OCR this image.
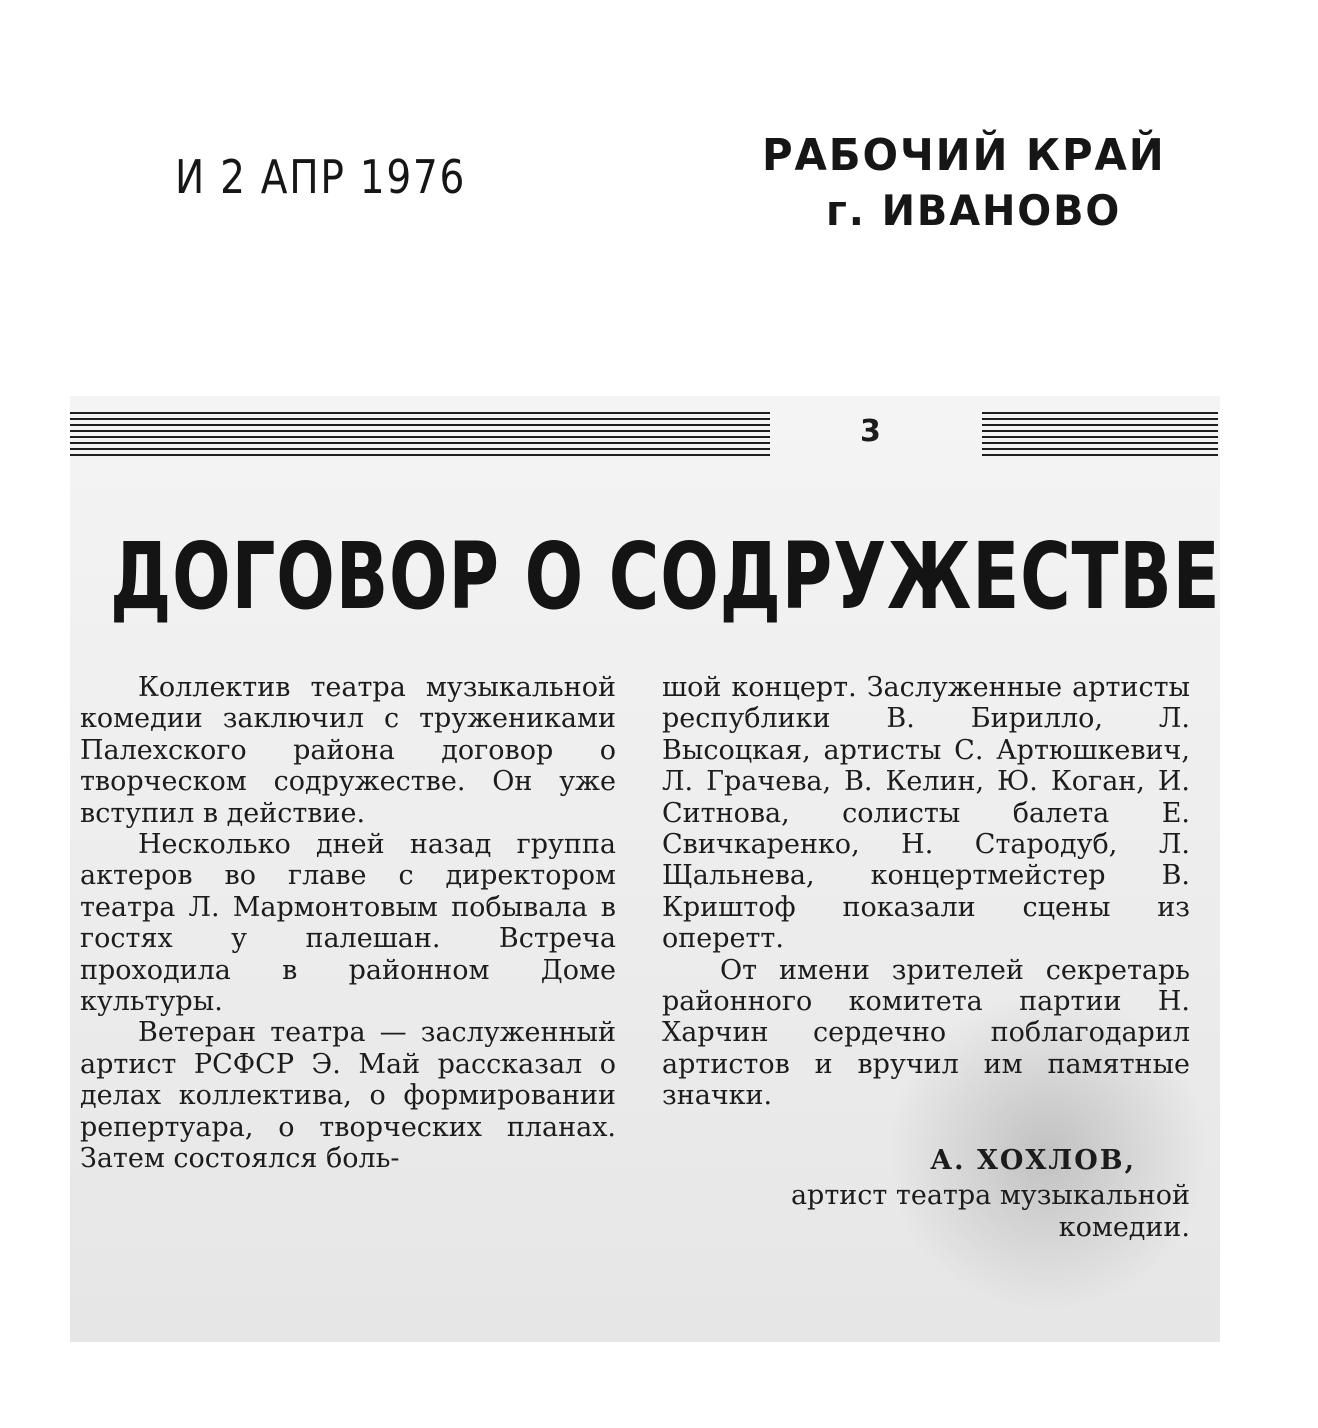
И 2 АПР 1976	РАБОЧИЙ КРАЙ
г. ИВАНОВО
3
ДОГОВОР О СОДРУЖЕСТВЕ

Коллектив театра музыкальной комедии заключил с тружениками Палехского района договор о творческом содружестве. Он уже вступил в действие.

Несколько дней назад группа актеров во главе с директором театра Л. Мармонтовым побывала в гостях у палешан. Встреча проходила в районном Доме культуры.

Ветеран театра — заслуженный артист РСФСР Э. Май рассказал о делах коллектива, о формировании репертуара, о творческих планах. Затем состоялся боль-

шой концерт. Заслуженные артисты республики В. Бирилло, Л. Высоцкая, артисты С. Артюшкевич, Л. Грачева, В. Келин, Ю. Коган, И. Ситнова, солисты балета Е. Свичкаренко, Н. Стародуб, Л. Щальнева, концертмейстер В. Криштоф показали сцены из оперетт.

От имени зрителей секретарь районного комитета партии Н. Харчин сердечно поблагодарил артистов и вручил им памятные значки.

А. ХОХЛОВ,
артист театра музыкальной
комедии.
